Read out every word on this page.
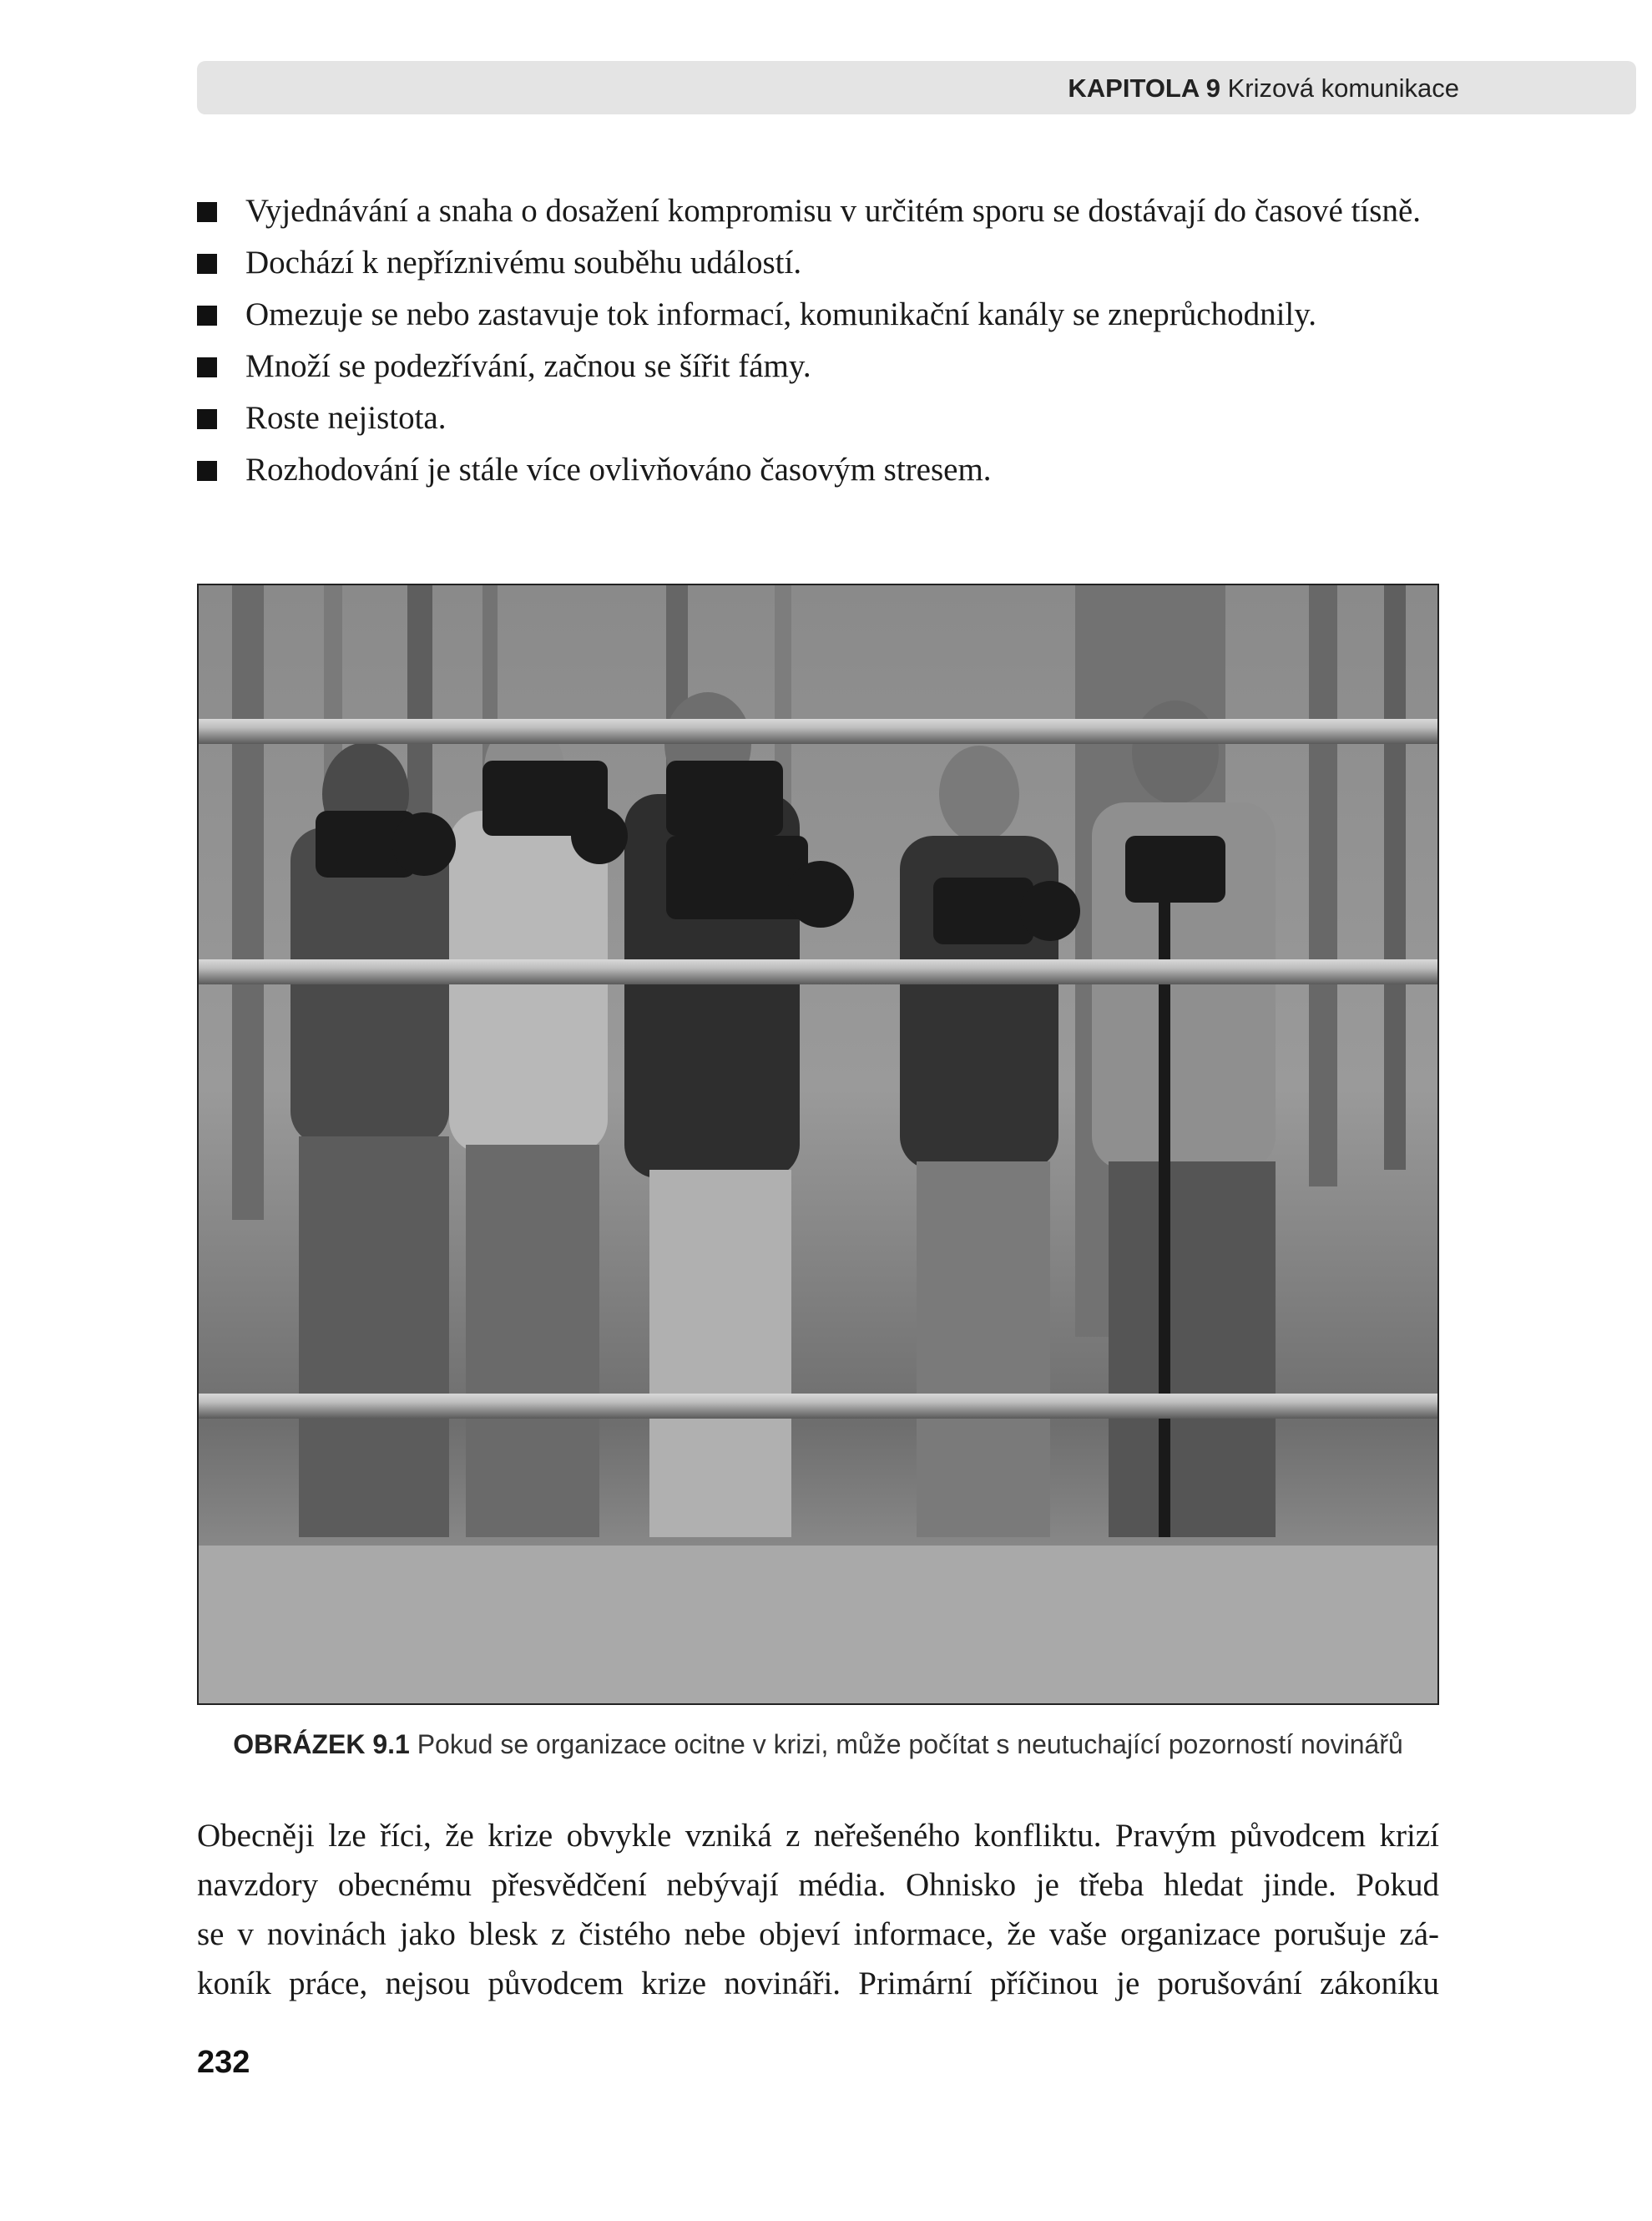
KAPITOLA 9 Krizová komunikace
Vyjednávání a snaha o dosažení kompromisu v určitém sporu se dostávají do časové tísně.
Dochází k nepříznivému souběhu událostí.
Omezuje se nebo zastavuje tok informací, komunikační kanály se zneprůchodnily.
Množí se podezřívání, začnou se šířit fámy.
Roste nejistota.
Rozhodování je stále více ovlivňováno časovým stresem.
OBRÁZEK 9.1 Pokud se organizace ocitne v krizi, může počítat s neutuchající pozorností novinářů
Obecněji lze říci, že krize obvykle vzniká z neřešeného konfliktu. Pravým původcem krizí
navzdory obecnému přesvědčení nebývají média. Ohnisko je třeba hledat jinde. Pokud
se v novinách jako blesk z čistého nebe objeví informace, že vaše organizace porušuje zá-
koník práce, nejsou původcem krize novináři. Primární příčinou je porušování zákoníku
232
